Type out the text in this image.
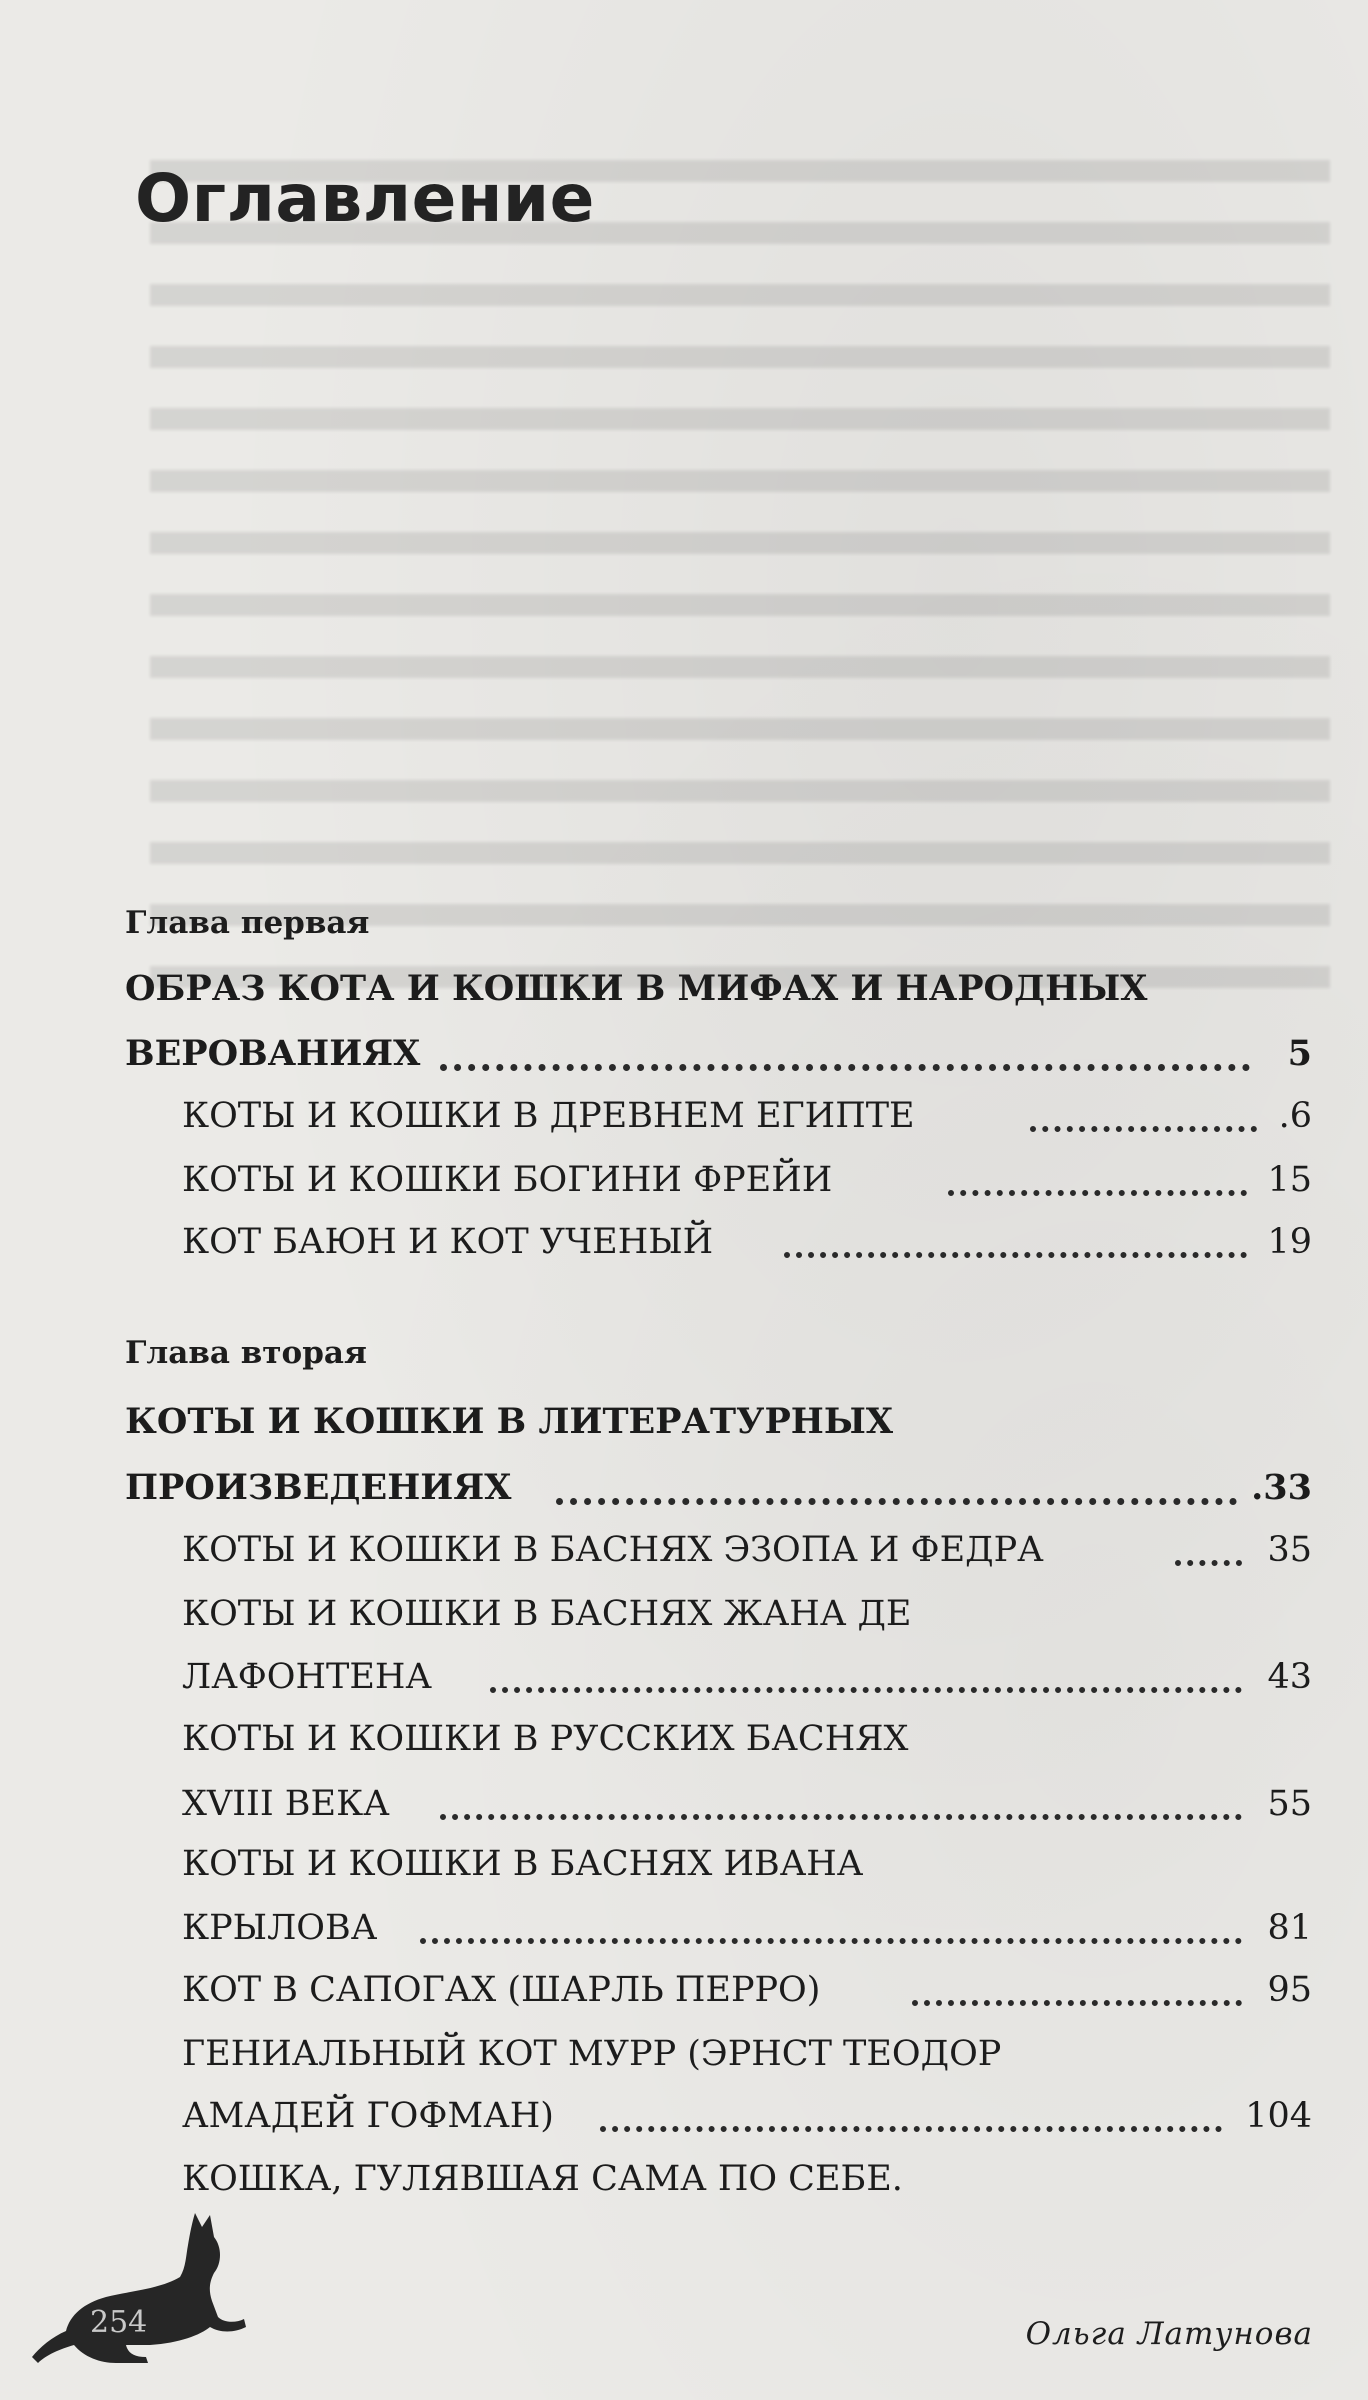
Оглавление
Глава первая
ОБРАЗ КОТА И КОШКИ В МИФАХ И НАРОДНЫХ
ВЕРОВАНИЯХ	5
КОТЫ И КОШКИ В ДРЕВНЕМ ЕГИПТЕ	.6
КОТЫ И КОШКИ БОГИНИ ФРЕЙИ	15
КОТ БАЮН И КОТ УЧЕНЫЙ	19
Глава вторая
КОТЫ И КОШКИ В ЛИТЕРАТУРНЫХ
ПРОИЗВЕДЕНИЯХ	.33
КОТЫ И КОШКИ В БАСНЯХ ЭЗОПА И ФЕДРА	35
КОТЫ И КОШКИ В БАСНЯХ ЖАНА ДЕ
ЛАФОНТЕНА	43
КОТЫ И КОШКИ В РУССКИХ БАСНЯХ
XVIII ВЕКА	55
КОТЫ И КОШКИ В БАСНЯХ ИВАНА
КРЫЛОВА	81
КОТ В САПОГАХ (ШАРЛЬ ПЕРРО)	95
ГЕНИАЛЬНЫЙ КОТ МУРР (ЭРНСТ ТЕОДОР
АМАДЕЙ ГОФМАН)	104
КОШКА, ГУЛЯВШАЯ САМА ПО СЕБЕ.
254	Ольга Латунова
